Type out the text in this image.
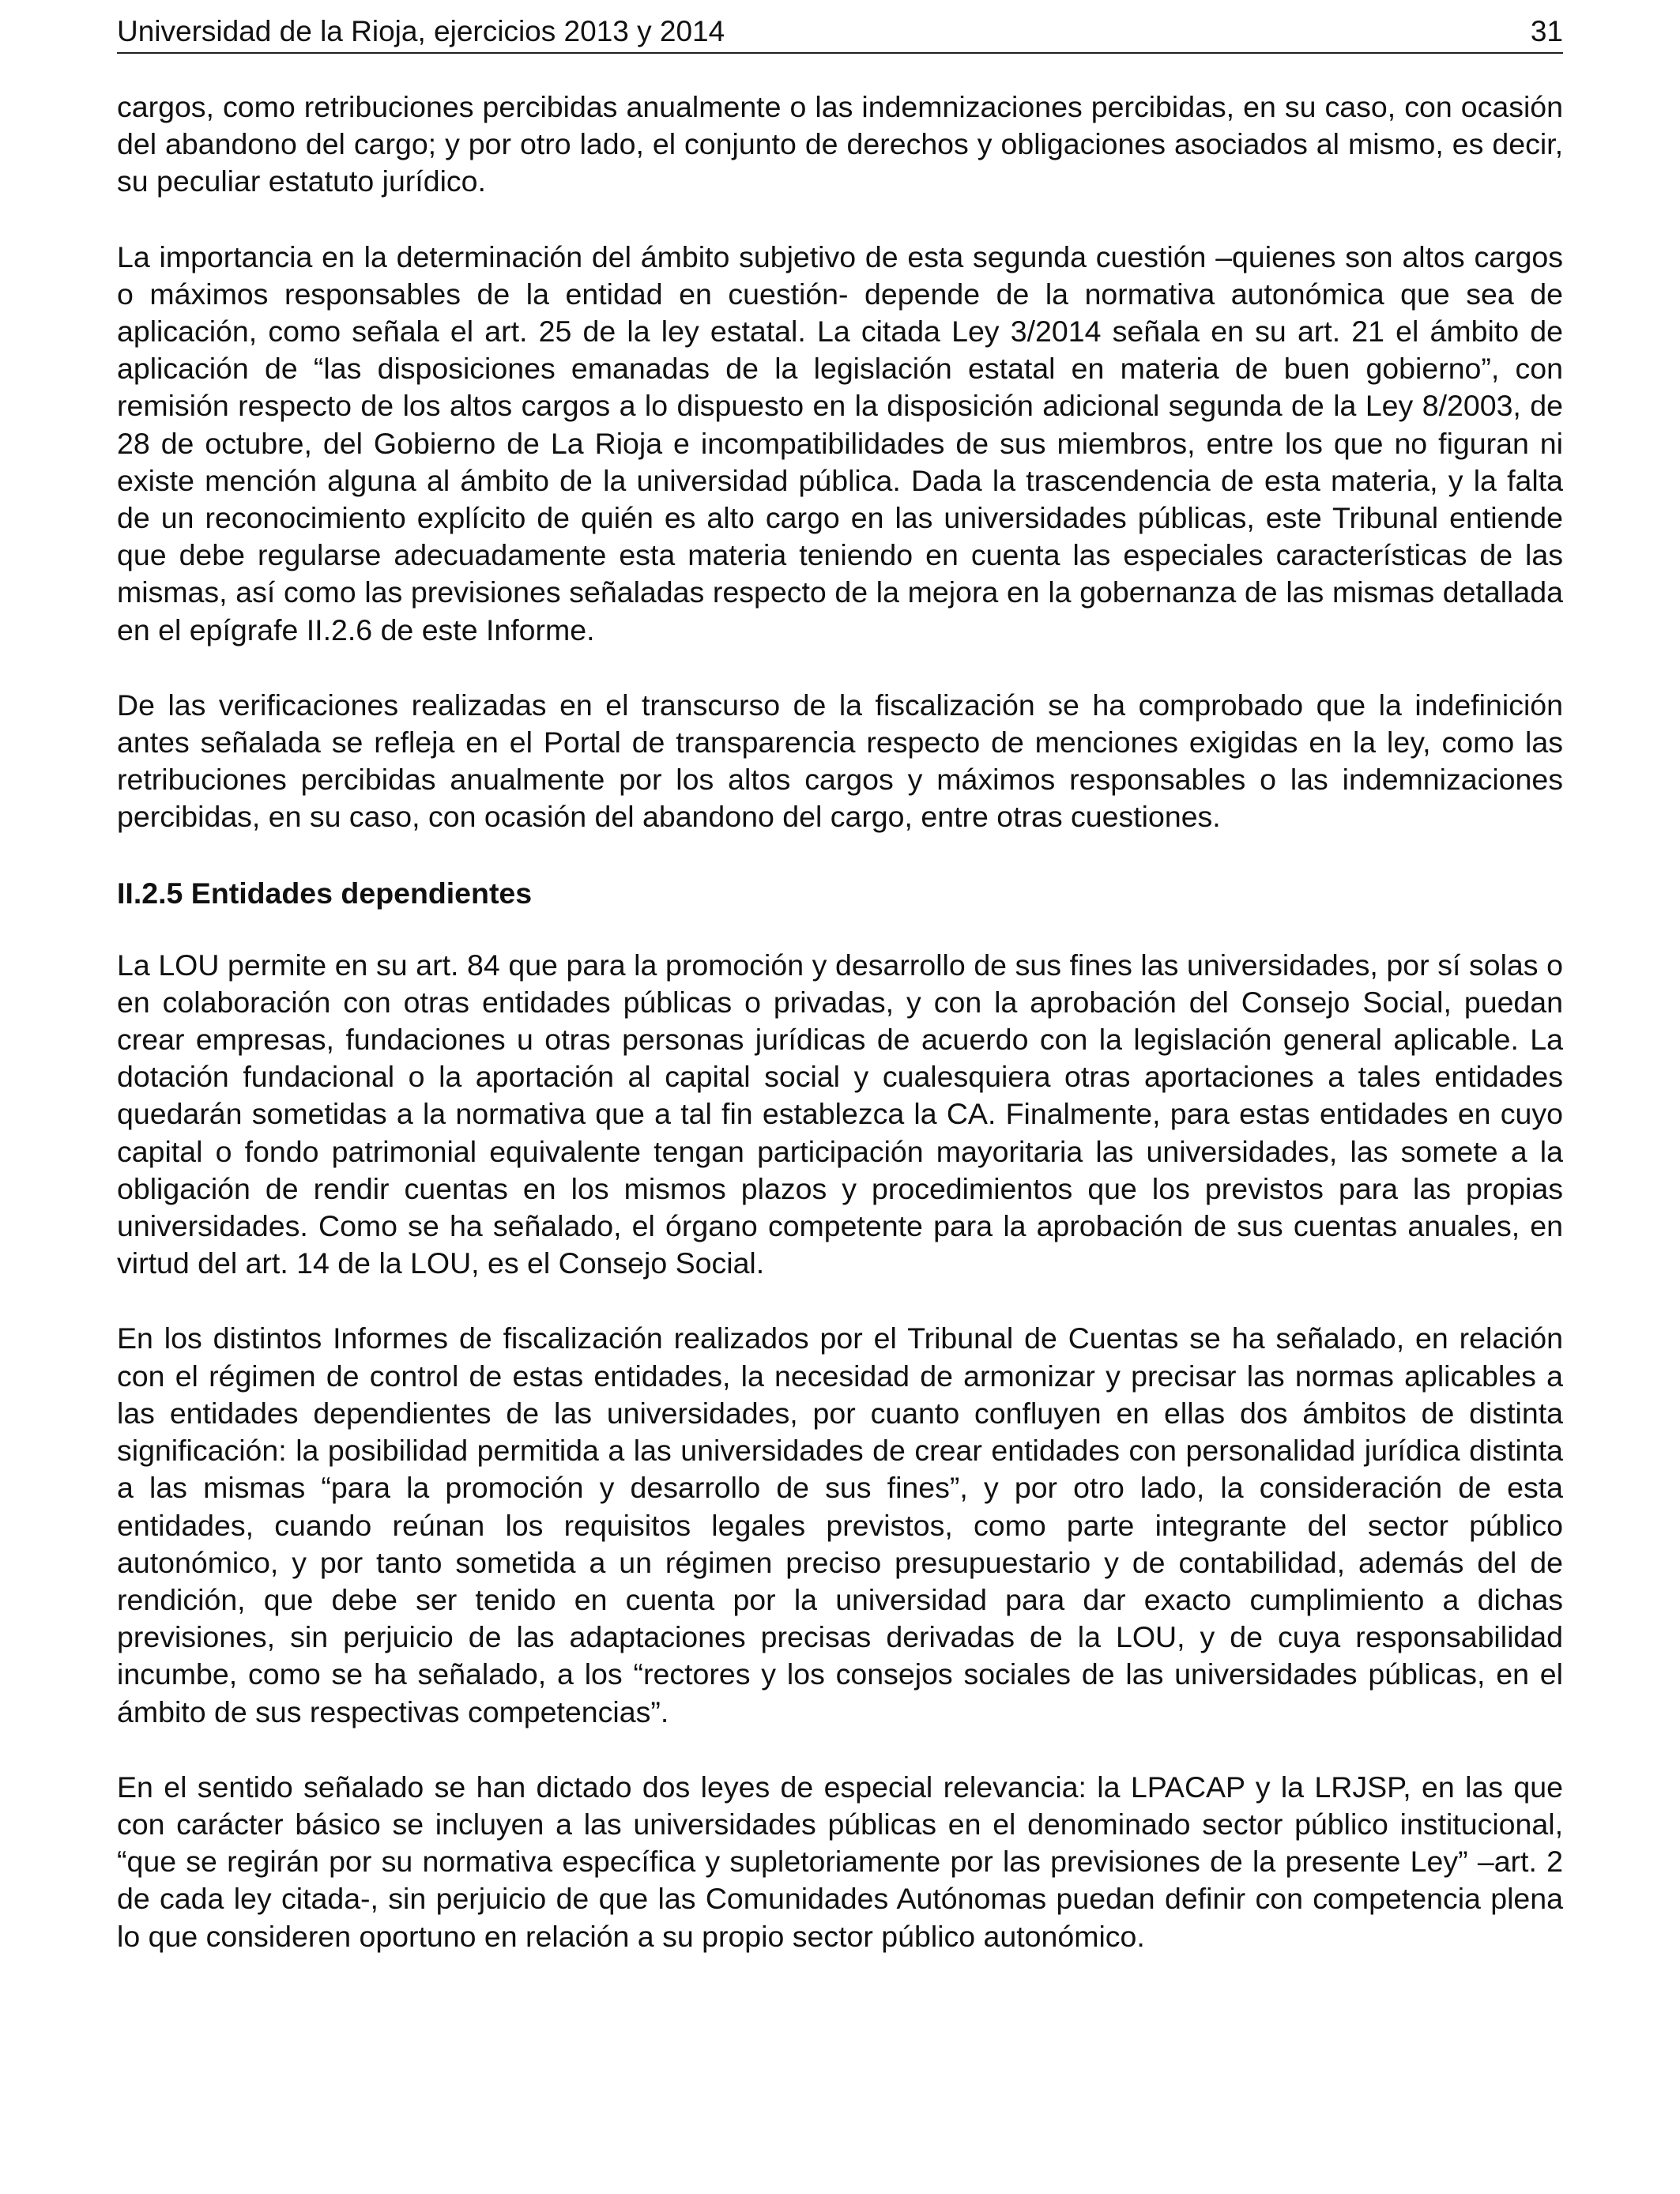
Universidad de la Rioja, ejercicios 2013 y 2014	31

cargos, como retribuciones percibidas anualmente o las indemnizaciones percibidas, en su caso, con ocasión del abandono del cargo; y por otro lado, el conjunto de derechos y obligaciones asociados al mismo, es decir, su peculiar estatuto jurídico.

La importancia en la determinación del ámbito subjetivo de esta segunda cuestión –quienes son altos cargos o máximos responsables de la entidad en cuestión- depende de la normativa autonómica que sea de aplicación, como señala el art. 25 de la ley estatal. La citada Ley 3/2014 señala en su art. 21 el ámbito de aplicación de “las disposiciones emanadas de la legislación estatal en materia de buen gobierno”, con remisión respecto de los altos cargos a lo dispuesto en la disposición adicional segunda de la Ley 8/2003, de 28 de octubre, del Gobierno de La Rioja e incompatibilidades de sus miembros, entre los que no figuran ni existe mención alguna al ámbito de la universidad pública. Dada la trascendencia de esta materia, y la falta de un reconocimiento explícito de quién es alto cargo en las universidades públicas, este Tribunal entiende que debe regularse adecuadamente esta materia teniendo en cuenta las especiales características de las mismas, así como las previsiones señaladas respecto de la mejora en la gobernanza de las mismas detallada en el epígrafe II.2.6 de este Informe.

De las verificaciones realizadas en el transcurso de la fiscalización se ha comprobado que la indefinición antes señalada se refleja en el Portal de transparencia respecto de menciones exigidas en la ley, como las retribuciones percibidas anualmente por los altos cargos y máximos responsables o las indemnizaciones percibidas, en su caso, con ocasión del abandono del cargo, entre otras cuestiones.

II.2.5 Entidades dependientes

La LOU permite en su art. 84 que para la promoción y desarrollo de sus fines las universidades, por sí solas o en colaboración con otras entidades públicas o privadas, y con la aprobación del Consejo Social, puedan crear empresas, fundaciones u otras personas jurídicas de acuerdo con la legislación general aplicable. La dotación fundacional o la aportación al capital social y cualesquiera otras aportaciones a tales entidades quedarán sometidas a la normativa que a tal fin establezca la CA. Finalmente, para estas entidades en cuyo capital o fondo patrimonial equivalente tengan participación mayoritaria las universidades, las somete a la obligación de rendir cuentas en los mismos plazos y procedimientos que los previstos para las propias universidades. Como se ha señalado, el órgano competente para la aprobación de sus cuentas anuales, en virtud del art. 14 de la LOU, es el Consejo Social.

En los distintos Informes de fiscalización realizados por el Tribunal de Cuentas se ha señalado, en relación con el régimen de control de estas entidades, la necesidad de armonizar y precisar las normas aplicables a las entidades dependientes de las universidades, por cuanto confluyen en ellas dos ámbitos de distinta significación: la posibilidad permitida a las universidades de crear entidades con personalidad jurídica distinta a las mismas “para la promoción y desarrollo de sus fines”, y por otro lado, la consideración de esta entidades, cuando reúnan los requisitos legales previstos, como parte integrante del sector público autonómico, y por tanto sometida a un régimen preciso presupuestario y de contabilidad, además del de rendición, que debe ser tenido en cuenta por la universidad para dar exacto cumplimiento a dichas previsiones, sin perjuicio de las adaptaciones precisas derivadas de la LOU, y de cuya responsabilidad incumbe, como se ha señalado, a los “rectores y los consejos sociales de las universidades públicas, en el ámbito de sus respectivas competencias”.

En el sentido señalado se han dictado dos leyes de especial relevancia: la LPACAP y la LRJSP, en las que con carácter básico se incluyen a las universidades públicas en el denominado sector público institucional, “que se regirán por su normativa específica y supletoriamente por las previsiones de la presente Ley” –art. 2 de cada ley citada-, sin perjuicio de que las Comunidades Autónomas puedan definir con competencia plena lo que consideren oportuno en relación a su propio sector público autonómico.
